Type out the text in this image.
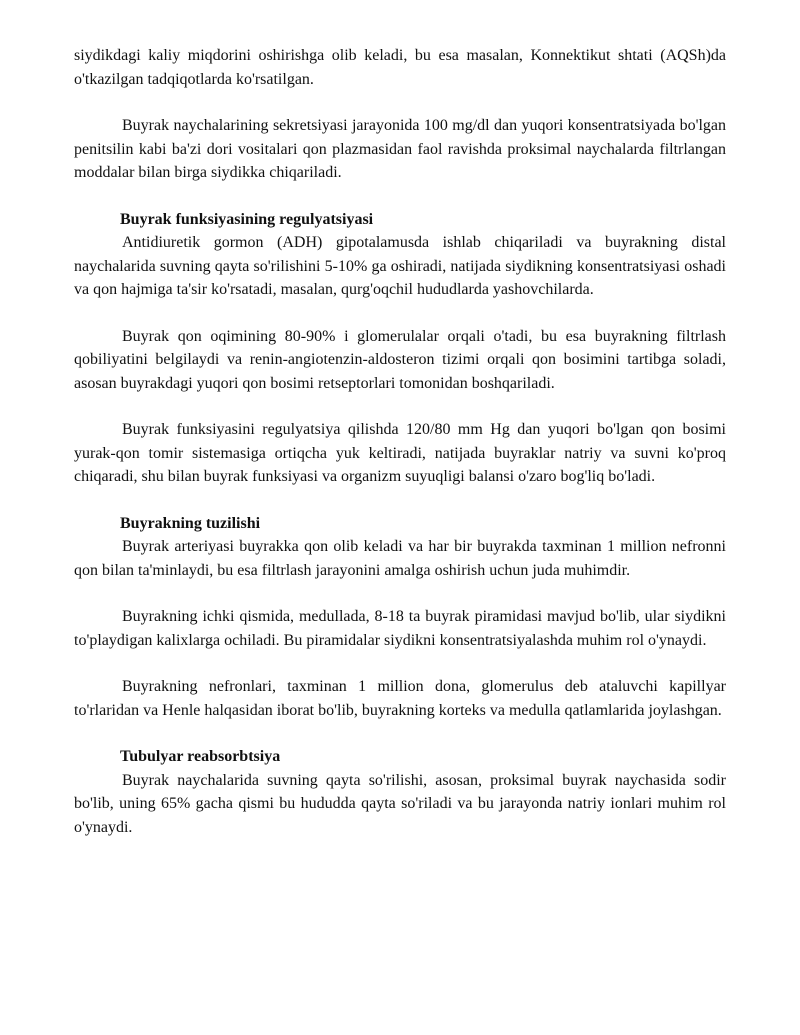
siydikdagi kaliy miqdorini oshirishga olib keladi, bu esa masalan, Konnektikut shtati (AQSh)da o'tkazilgan tadqiqotlarda ko'rsatilgan.

Buyrak naychalarining sekretsiyasi jarayonida 100 mg/dl dan yuqori konsentratsiyada bo'lgan penitsilin kabi ba'zi dori vositalari qon plazmasidan faol ravishda proksimal naychalarda filtrlangan moddalar bilan birga siydikka chiqariladi.

Buyrak funksiyasining regulyatsiyasi

Antidiuretik gormon (ADH) gipotalamusda ishlab chiqariladi va buyrakning distal naychalarida suvning qayta so'rilishini 5-10% ga oshiradi, natijada siydikning konsentratsiyasi oshadi va qon hajmiga ta'sir ko'rsatadi, masalan, qurg'oqchil hududlarda yashovchilarda.

Buyrak qon oqimining 80-90% i glomerulalar orqali o'tadi, bu esa buyrakning filtrlash qobiliyatini belgilaydi va renin-angiotenzin-aldosteron tizimi orqali qon bosimini tartibga soladi, asosan buyrakdagi yuqori qon bosimi retseptorlari tomonidan boshqariladi.

Buyrak funksiyasini regulyatsiya qilishda 120/80 mm Hg dan yuqori bo'lgan qon bosimi yurak-qon tomir sistemasiga ortiqcha yuk keltiradi, natijada buyraklar natriy va suvni ko'proq chiqaradi, shu bilan buyrak funksiyasi va organizm suyuqligi balansi o'zaro bog'liq bo'ladi.

Buyrakning tuzilishi

Buyrak arteriyasi buyrakka qon olib keladi va har bir buyrakda taxminan 1 million nefronni qon bilan ta'minlaydi, bu esa filtrlash jarayonini amalga oshirish uchun juda muhimdir.

Buyrakning ichki qismida, medullada, 8-18 ta buyrak piramidasi mavjud bo'lib, ular siydikni to'playdigan kalixlarga ochiladi. Bu piramidalar siydikni konsentratsiyalashda muhim rol o'ynaydi.

Buyrakning nefronlari, taxminan 1 million dona, glomerulus deb ataluvchi kapillyar to'rlaridan va Henle halqasidan iborat bo'lib, buyrakning korteks va medulla qatlamlarida joylashgan.

Tubulyar reabsorbtsiya

Buyrak naychalarida suvning qayta so'rilishi, asosan, proksimal buyrak naychasida sodir bo'lib, uning 65% gacha qismi bu hududda qayta so'riladi va bu jarayonda natriy ionlari muhim rol o'ynaydi.
